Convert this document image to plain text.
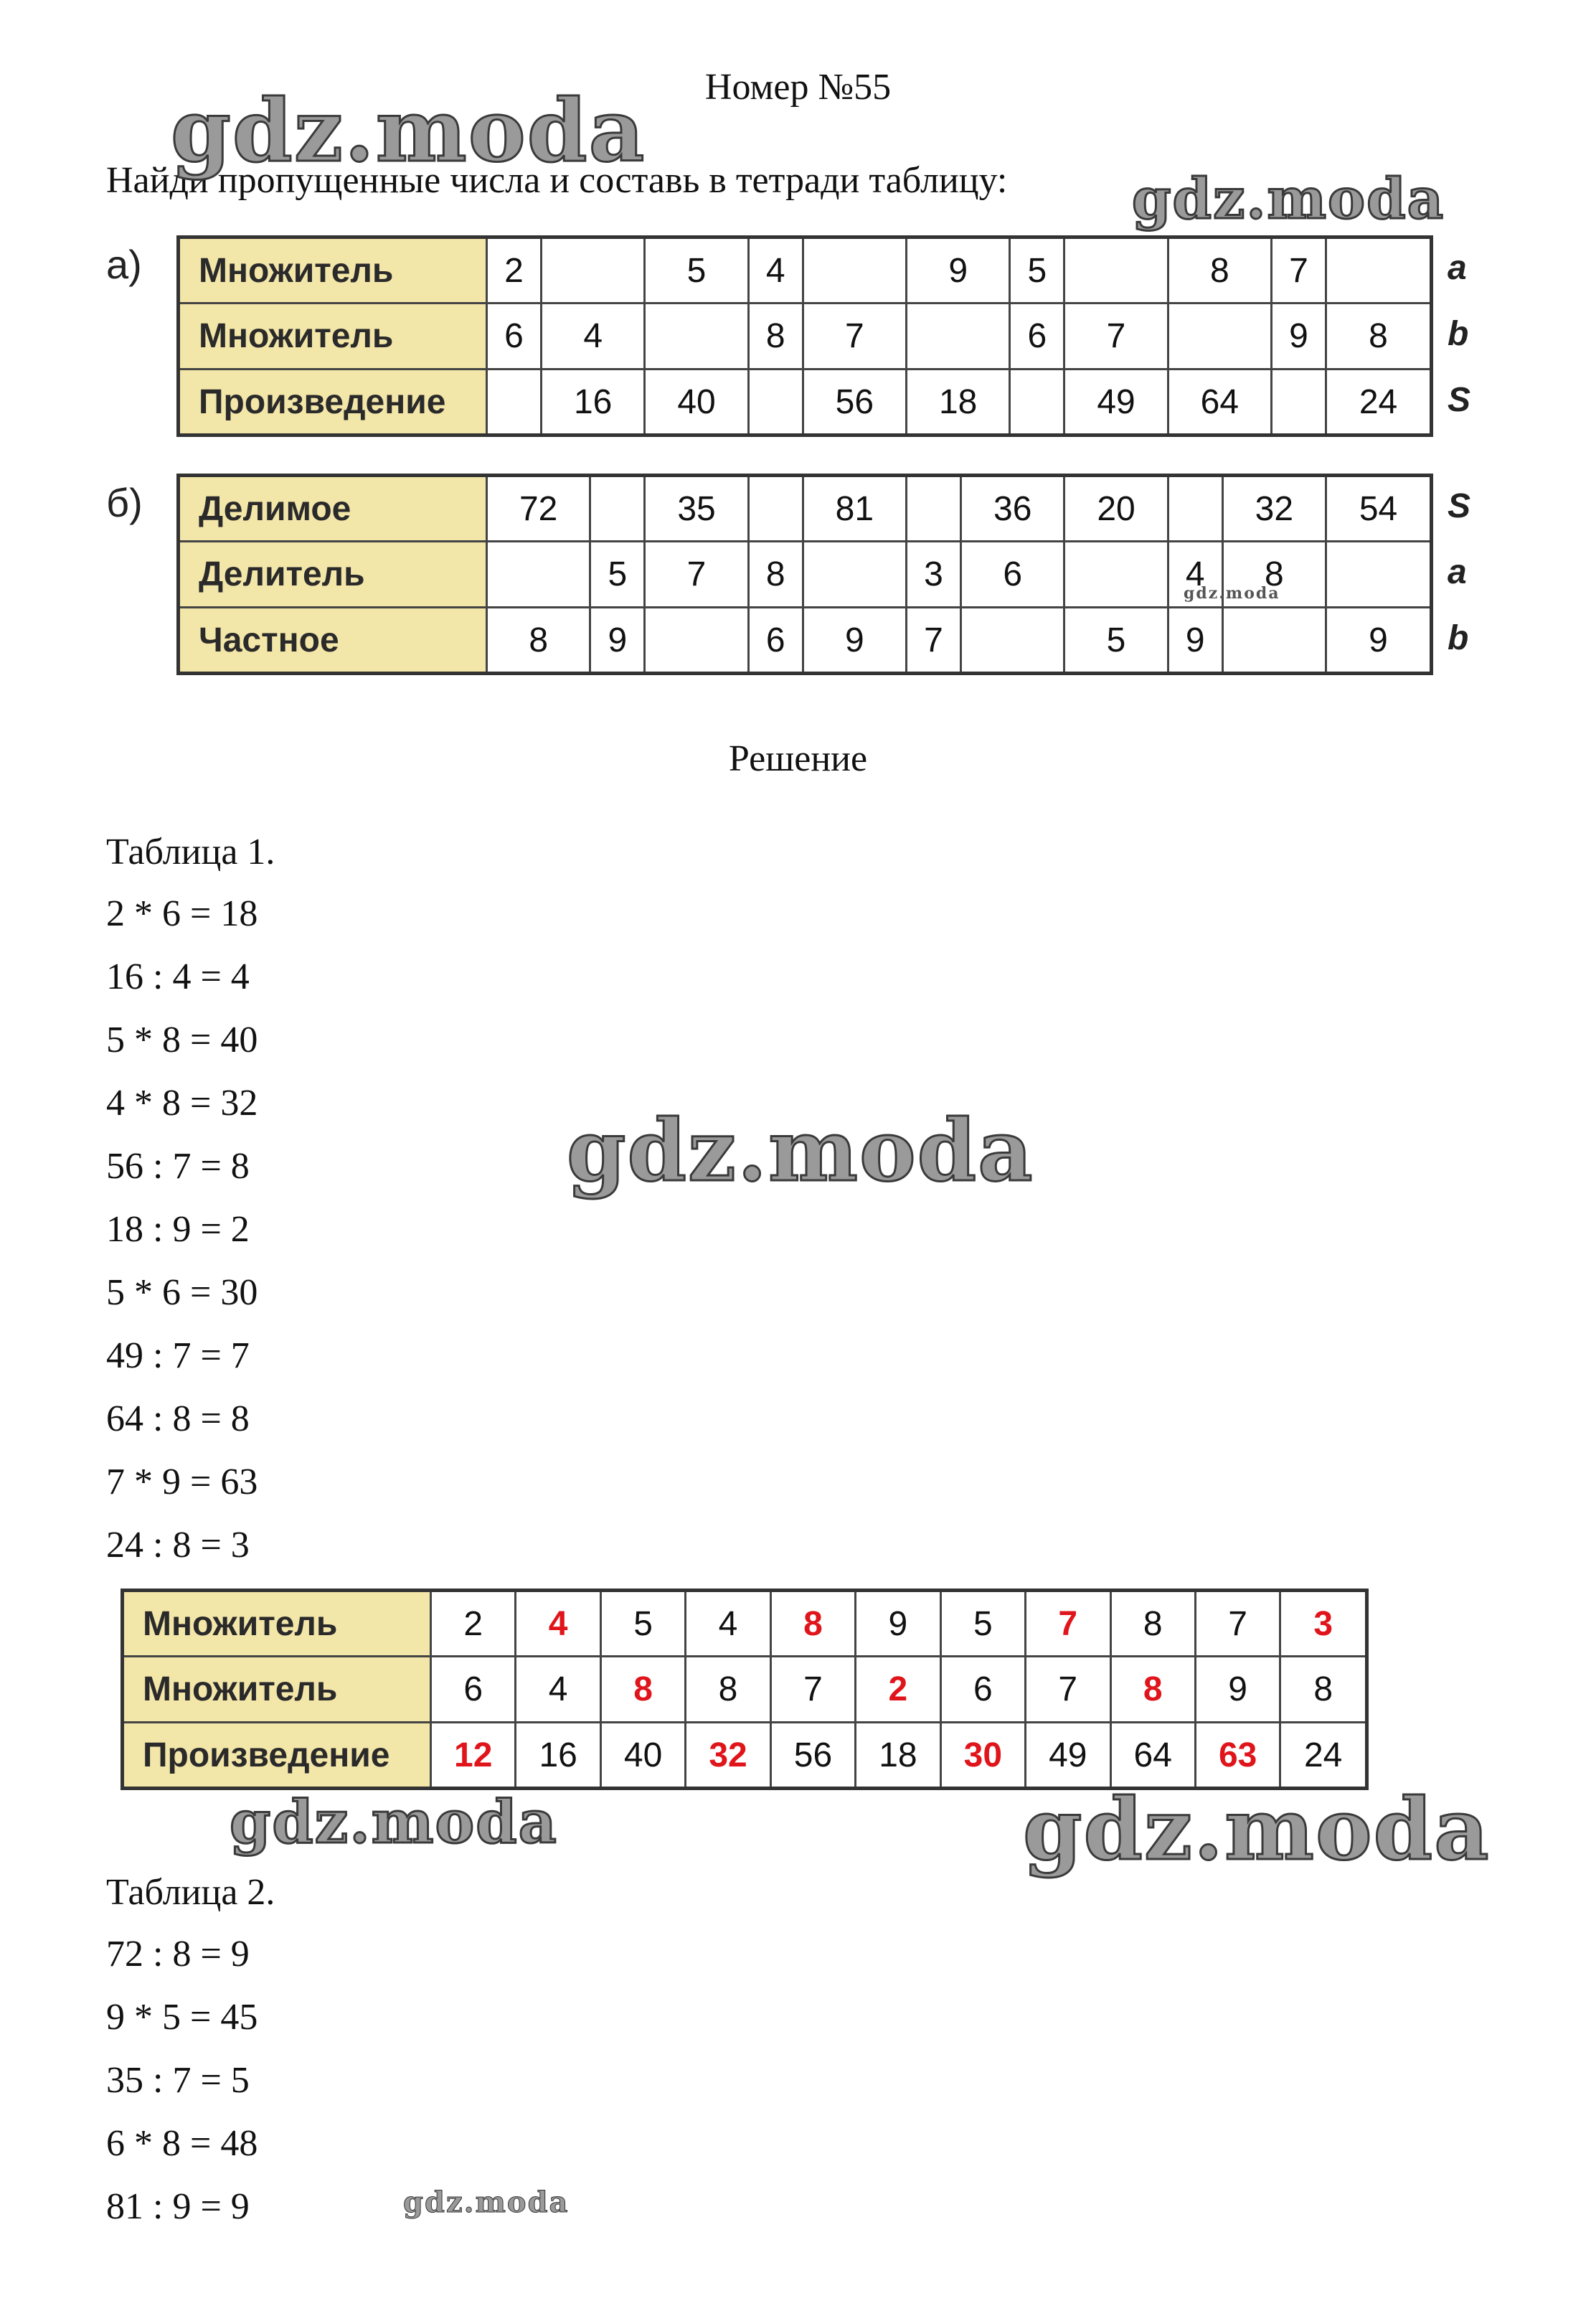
Номер №55
Найди пропущенные числа и составь в тетради таблицу:
а) Множитель	2		5	4		9	5		8	7	
Множитель	6	4		8	7		6	7		9	8
Произведение		16	40		56	18		49	64		24
a
b
S
б) Делимое	72		35		81		36	20		32	54
Делитель		5	7	8		3	6		4	8	
Частное	8	9		6	9	7		5	9		9
S
a
b
Решение
Таблица 1.
2 * 6 = 18
16 : 4 = 4
5 * 8 = 40
4 * 8 = 32
56 : 7 = 8
18 : 9 = 2
5 * 6 = 30
49 : 7 = 7
64 : 8 = 8
7 * 9 = 63
24 : 8 = 3
Множитель	2	4	5	4	8	9	5	7	8	7	3
Множитель	6	4	8	8	7	2	6	7	8	9	8
Произведение	12	16	40	32	56	18	30	49	64	63	24
Таблица 2.
72 : 8 = 9
9 * 5 = 45
35 : 7 = 5
6 * 8 = 48
81 : 9 = 9
gdz.moda
gdz.moda
gdz.moda
gdz.moda
gdz.moda	gdz.moda
gdz.moda
